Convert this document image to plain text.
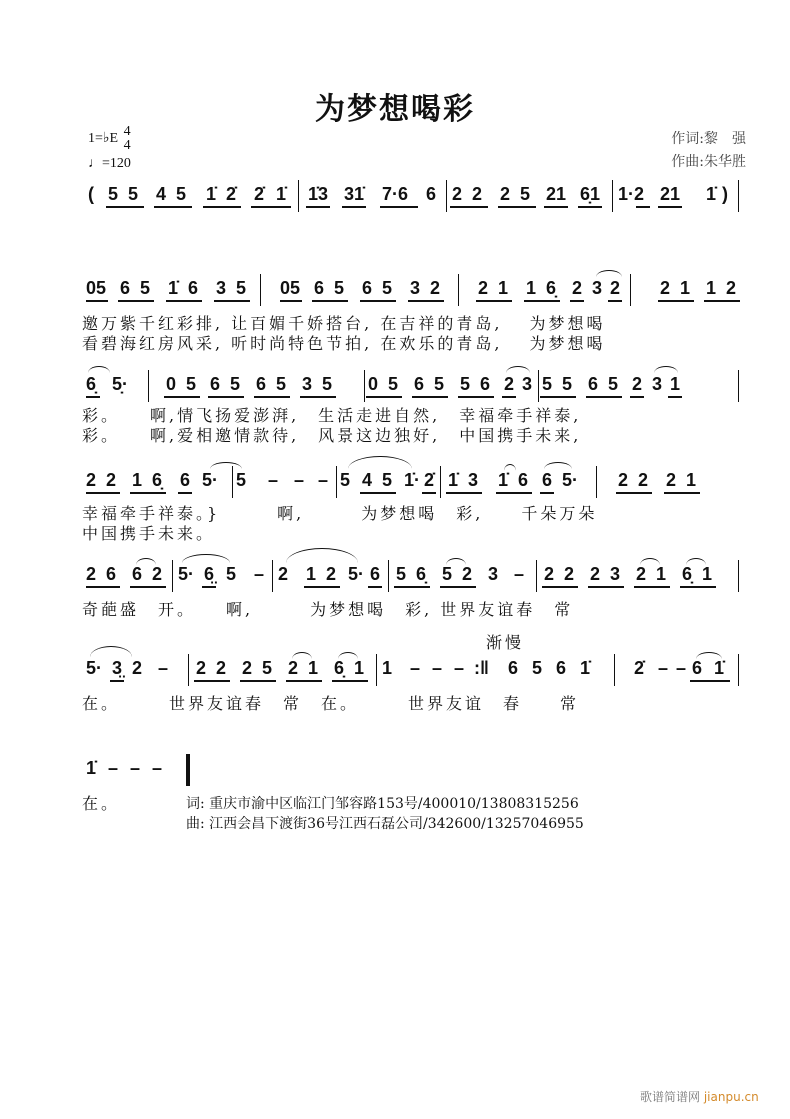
为梦想喝彩
1=♭E 4
4
♩=120
作词:黎　强
作曲:朱华胜
( 5 5 4 5 1̇ 2̇ 2̇ 1̇ 1̇3 31̇ 7·6 6 2 2 2 5 21 6̣1 1·2 21 1̇ )
05 6 5 1̇ 6 3 5 05 6 5 6 5 3 2 2 1 1 6̣ 2 3 2 2 1 1 2
邀万紫千红彩排, 让百媚千娇搭台, 在吉祥的青岛,　 为梦想喝
看碧海红房风采, 听时尚特色节拍, 在欢乐的青岛,　 为梦想喝
6̣ 5̣· 0 5 6 5 6 5 3 5 0 5 6 5 5 6 2 3 5 5 6 5 2 3 1
彩。　　啊,情飞扬爱澎湃,　生活走进自然,　幸福牵手祥泰,
彩。　　啊,爱相邀情款待,　风景这边独好,　中国携手未来,
2 2 1 6̣ 6 5· 5 – – – 5 4 5 1̇· 2̇ 1̇ 3 1̇ 6 6 5· 2 2 2 1
幸福牵手祥泰。}　　　啊,　　　为梦想喝　彩,　　千朵万朵
中国携手未来。
2 6 6 2 5· 6̤ 5 – 2 1 2 5· 6 5 6̣ 5 2 3 – 2 2 2 3 2 1 6̣ 1
奇葩盛　开。　　啊,　　　为梦想喝　彩, 世界友谊春　常
渐慢
5· 3̤ 2 – 2 2 2 5 2 1 6̣ 1 1 – – – :‖ 6 5 6 1̇ 2̇ – – 6 1̇
在。　　　世界友谊春　常　在。　　　世界友谊　春　　常
1̇ – – –
在。	词: 重庆市渝中区临江门邹容路153号/400010/13808315256
曲: 江西会昌下渡街36号江西石磊公司/342600/13257046955
歌谱简谱网 jianpu.cn
